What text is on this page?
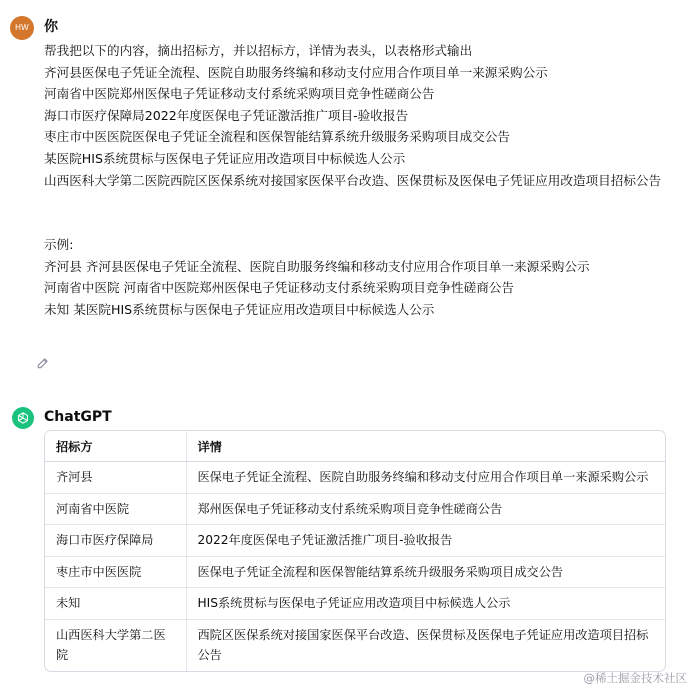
HW	你
帮我把以下的内容，摘出招标方，并以招标方，详情为表头，以表格形式输出
齐河县医保电子凭证全流程、医院自助服务终编和移动支付应用合作项目单一来源采购公示
河南省中医院郑州医保电子凭证移动支付系统采购项目竞争性磋商公告
海口市医疗保障局2022年度医保电子凭证激活推广项目-验收报告
枣庄市中医医院医保电子凭证全流程和医保智能结算系统升级服务采购项目成交公告
某医院HIS系统贯标与医保电子凭证应用改造项目中标候选人公示
山西医科大学第二医院西院区医保系统对接国家医保平台改造、医保贯标及医保电子凭证应用改造项目招标公告
示例:
齐河县 齐河县医保电子凭证全流程、医院自助服务终编和移动支付应用合作项目单一来源采购公示
河南省中医院 河南省中医院郑州医保电子凭证移动支付系统采购项目竞争性磋商公告
未知 某医院HIS系统贯标与医保电子凭证应用改造项目中标候选人公示
ChatGPT
招标方	详情
齐河县	医保电子凭证全流程、医院自助服务终编和移动支付应用合作项目单一来源采购公示
河南省中医院	郑州医保电子凭证移动支付系统采购项目竞争性磋商公告
海口市医疗保障局	2022年度医保电子凭证激活推广项目-验收报告
枣庄市中医医院	医保电子凭证全流程和医保智能结算系统升级服务采购项目成交公告
未知	HIS系统贯标与医保电子凭证应用改造项目中标候选人公示
山西医科大学第二医院	西院区医保系统对接国家医保平台改造、医保贯标及医保电子凭证应用改造项目招标公告
@稀土掘金技术社区
